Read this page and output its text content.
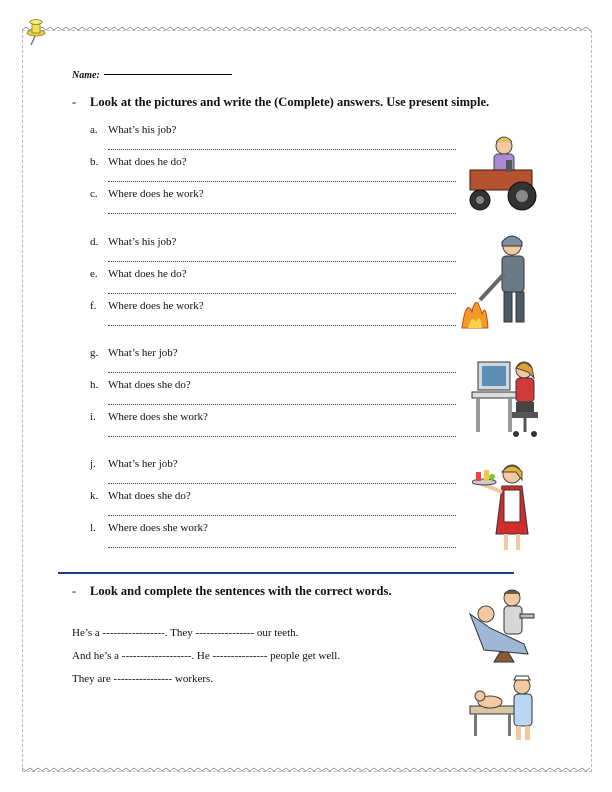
Name:
- Look at the pictures and write the (Complete) answers. Use present simple.
a. What’s his job?
b. What does he do?
c. Where does he work?
d. What’s his job?
e. What does he do?
f. Where does he work?
g. What’s her job?
h. What does she do?
i. Where does she work?
j. What’s her job?
k. What does she do?
l. Where does she work?
- Look and complete the sentences with the correct words.
He’s a -----------------. They ---------------- our teeth.
And he’s a -------------------. He --------------- people get well.
They are ---------------- workers.
